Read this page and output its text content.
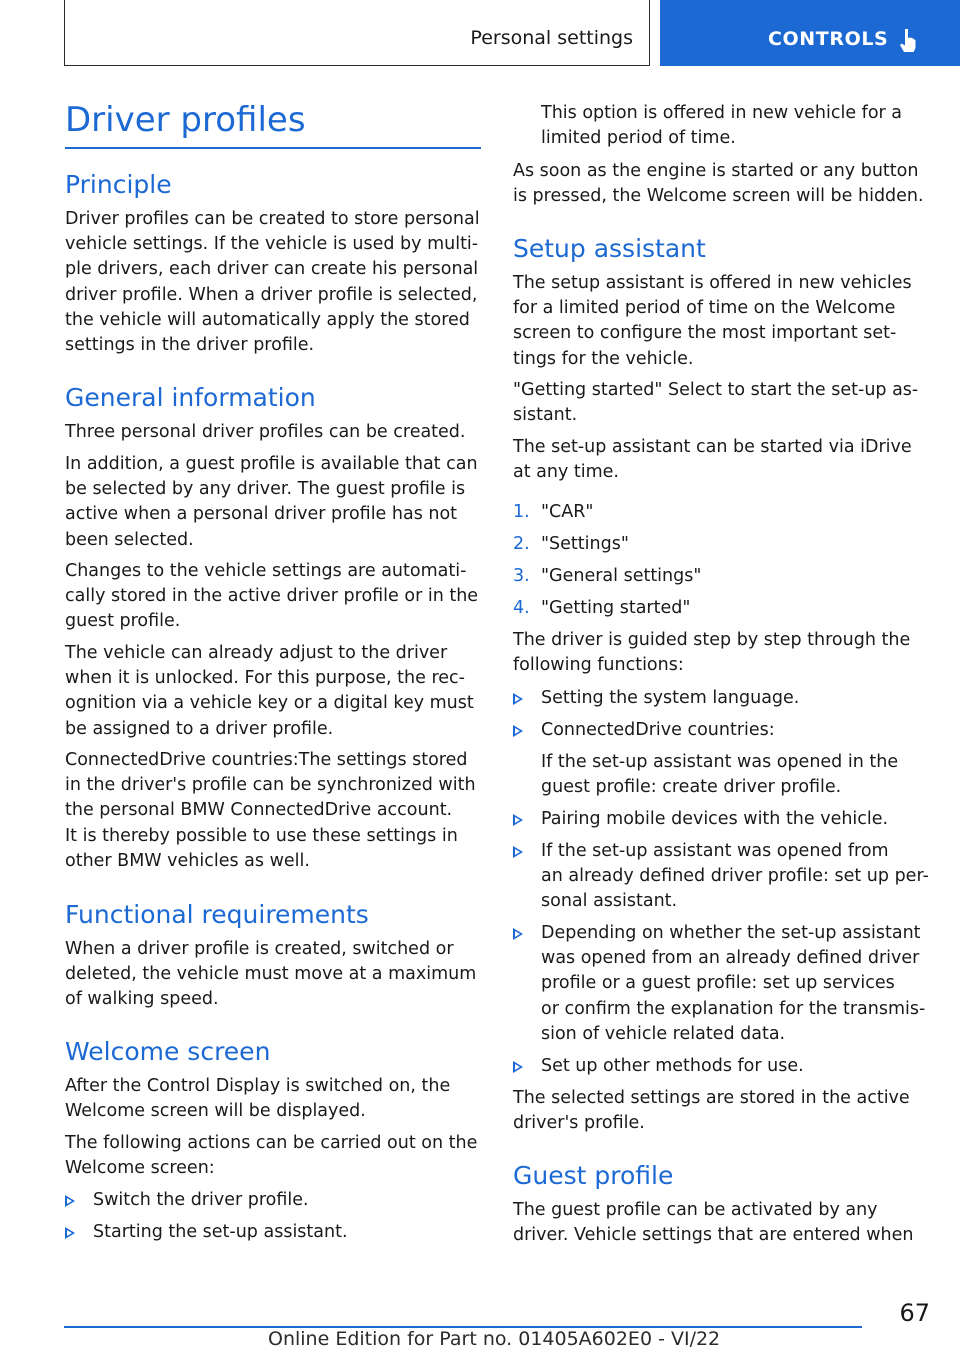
Personal settings	CONTROLS
Driver profiles
Principle
Driver profiles can be created to store personal
vehicle settings. If the vehicle is used by multi-
ple drivers, each driver can create his personal
driver profile. When a driver profile is selected,
the vehicle will automatically apply the stored
settings in the driver profile.
General information
Three personal driver profiles can be created.
In addition, a guest profile is available that can
be selected by any driver. The guest profile is
active when a personal driver profile has not
been selected.
Changes to the vehicle settings are automati-
cally stored in the active driver profile or in the
guest profile.
The vehicle can already adjust to the driver
when it is unlocked. For this purpose, the rec-
ognition via a vehicle key or a digital key must
be assigned to a driver profile.
ConnectedDrive countries:The settings stored
in the driver's profile can be synchronized with
the personal BMW ConnectedDrive account.
It is thereby possible to use these settings in
other BMW vehicles as well.
Functional requirements
When a driver profile is created, switched or
deleted, the vehicle must move at a maximum
of walking speed.
Welcome screen
After the Control Display is switched on, the
Welcome screen will be displayed.
The following actions can be carried out on the
Welcome screen:
Switch the driver profile.
Starting the set-up assistant.
This option is offered in new vehicle for a
limited period of time.
As soon as the engine is started or any button
is pressed, the Welcome screen will be hidden.
Setup assistant
The setup assistant is offered in new vehicles
for a limited period of time on the Welcome
screen to configure the most important set-
tings for the vehicle.
"Getting started" Select to start the set-up as-
sistant.
The set-up assistant can be started via iDrive
at any time.
1. "CAR"
2. "Settings"
3. "General settings"
4. "Getting started"
The driver is guided step by step through the
following functions:
Setting the system language.
ConnectedDrive countries:
If the set-up assistant was opened in the
guest profile: create driver profile.
Pairing mobile devices with the vehicle.
If the set-up assistant was opened from
an already defined driver profile: set up per-
sonal assistant.
Depending on whether the set-up assistant
was opened from an already defined driver
profile or a guest profile: set up services
or confirm the explanation for the transmis-
sion of vehicle related data.
Set up other methods for use.
The selected settings are stored in the active
driver's profile.
Guest profile
The guest profile can be activated by any
driver. Vehicle settings that are entered when
67
Online Edition for Part no. 01405A602E0 - VI/22
